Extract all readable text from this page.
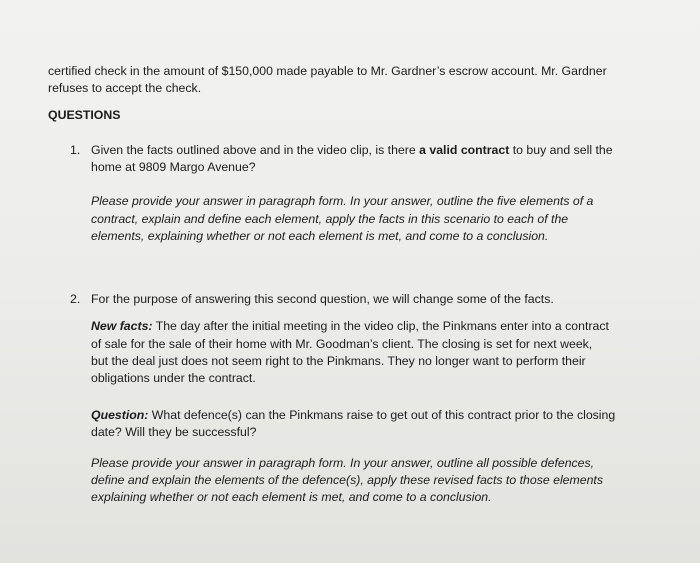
certified check in the amount of $150,000 made payable to Mr. Gardner’s escrow account. Mr. Gardner
refuses to accept the check.
QUESTIONS
1. Given the facts outlined above and in the video clip, is there a valid contract to buy and sell the
home at 9809 Margo Avenue?
Please provide your answer in paragraph form. In your answer, outline the five elements of a
contract, explain and define each element, apply the facts in this scenario to each of the
elements, explaining whether or not each element is met, and come to a conclusion.
2. For the purpose of answering this second question, we will change some of the facts.
New facts: The day after the initial meeting in the video clip, the Pinkmans enter into a contract
of sale for the sale of their home with Mr. Goodman’s client. The closing is set for next week,
but the deal just does not seem right to the Pinkmans. They no longer want to perform their
obligations under the contract.
Question: What defence(s) can the Pinkmans raise to get out of this contract prior to the closing
date? Will they be successful?
Please provide your answer in paragraph form. In your answer, outline all possible defences,
define and explain the elements of the defence(s), apply these revised facts to those elements
explaining whether or not each element is met, and come to a conclusion.
